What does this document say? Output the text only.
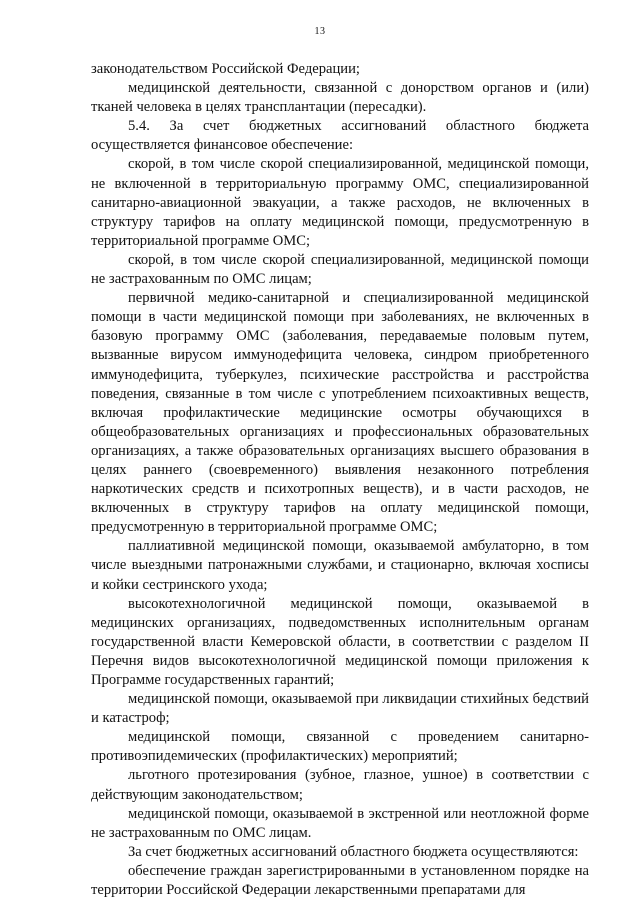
13

законодательством Российской Федерации;

медицинской деятельности, связанной с донорством органов и (или) тканей человека в целях трансплантации (пересадки).

5.4. За счет бюджетных ассигнований областного бюджета осуществляется финансовое обеспечение:

скорой, в том числе скорой специализированной, медицинской помощи, не включенной в территориальную программу ОМС, специализированной санитарно-авиационной эвакуации, а также расходов, не включенных в структуру тарифов на оплату медицинской помощи, предусмотренную в территориальной программе ОМС;

скорой, в том числе скорой специализированной, медицинской помощи не застрахованным по ОМС лицам;

первичной медико-санитарной и специализированной медицинской помощи в части медицинской помощи при заболеваниях, не включенных в базовую программу ОМС (заболевания, передаваемые половым путем, вызванные вирусом иммунодефицита человека, синдром приобретенного иммунодефицита, туберкулез, психические расстройства и расстройства поведения, связанные в том числе с употреблением психоактивных веществ, включая профилактические медицинские осмотры обучающихся в общеобразовательных организациях и профессиональных образовательных организациях, а также образовательных организациях высшего образования в целях раннего (своевременного) выявления незаконного потребления наркотических средств и психотропных веществ), и в части расходов, не включенных в структуру тарифов на оплату медицинской помощи, предусмотренную в территориальной программе ОМС;

паллиативной медицинской помощи, оказываемой амбулаторно, в том числе выездными патронажными службами, и стационарно, включая хосписы и койки сестринского ухода;

высокотехнологичной медицинской помощи, оказываемой в медицинских организациях, подведомственных исполнительным органам государственной власти Кемеровской области, в соответствии с разделом II Перечня видов высокотехнологичной медицинской помощи приложения к Программе государственных гарантий;

медицинской помощи, оказываемой при ликвидации стихийных бедствий и катастроф;

медицинской помощи, связанной с проведением санитарно-противоэпидемических (профилактических) мероприятий;

льготного протезирования (зубное, глазное, ушное) в соответствии с действующим законодательством;

медицинской помощи, оказываемой в экстренной или неотложной форме не застрахованным по ОМС лицам.

За счет бюджетных ассигнований областного бюджета осуществляются:

обеспечение граждан зарегистрированными в установленном порядке на территории Российской Федерации лекарственными препаратами для
